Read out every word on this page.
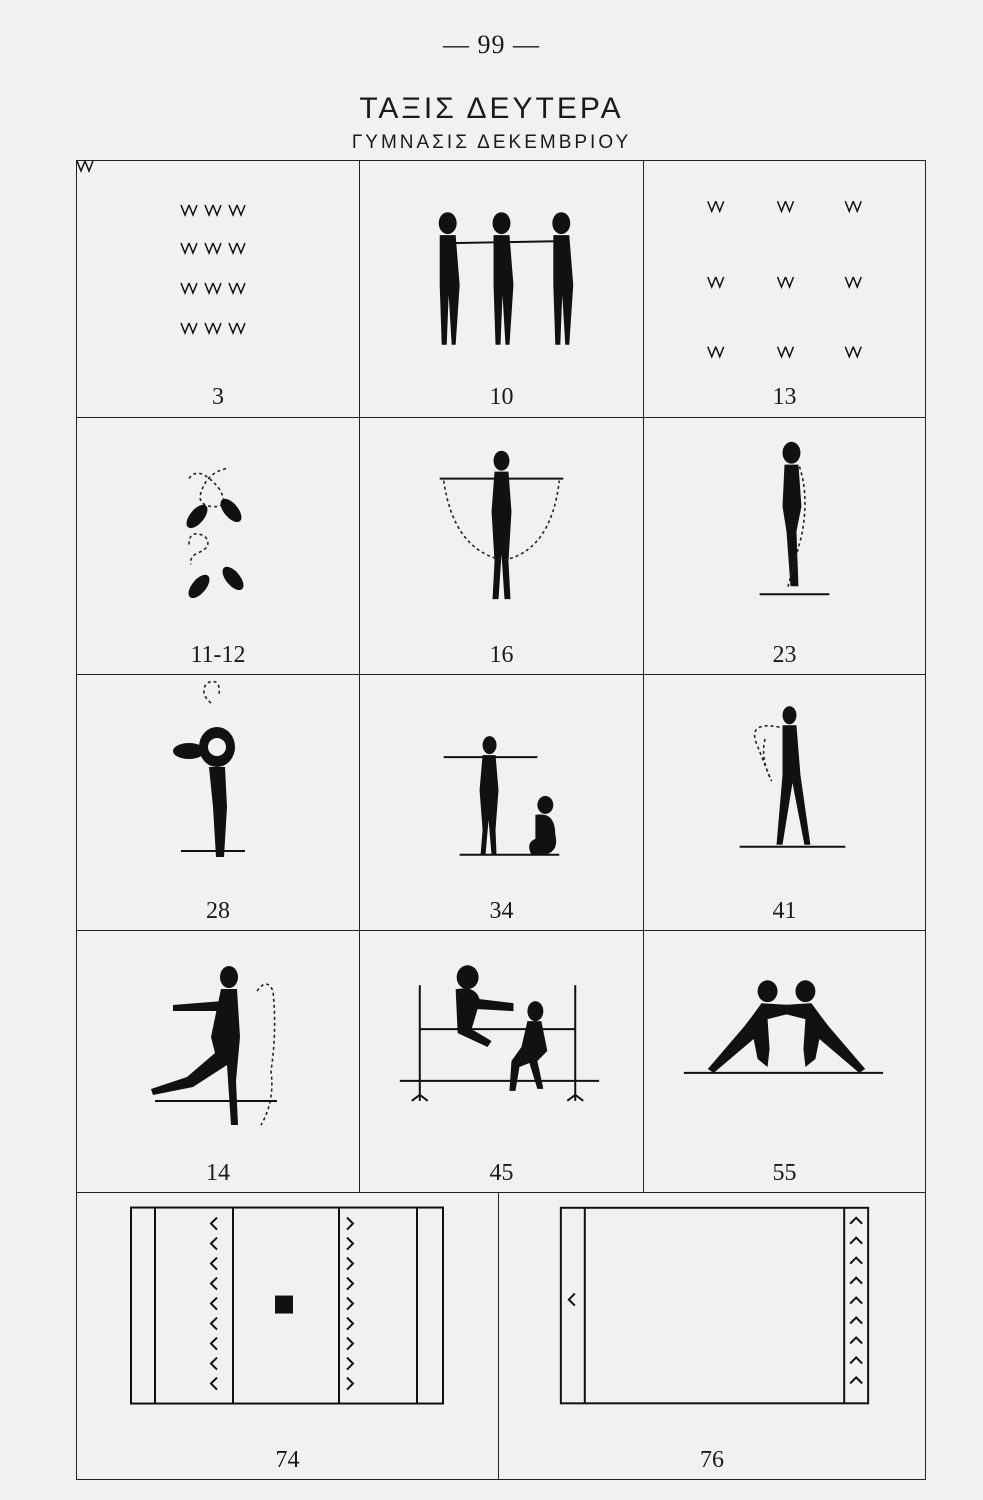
— 99 —
ΤΑΞΙΣ ΔΕΥΤΕΡΑ
ΓΥΜΝΑΣΙΣ ΔΕΚΕΜΒΡΙΟΥ
3	10	13
11-12	16	23
28	34	41
14	45	55
74	76
